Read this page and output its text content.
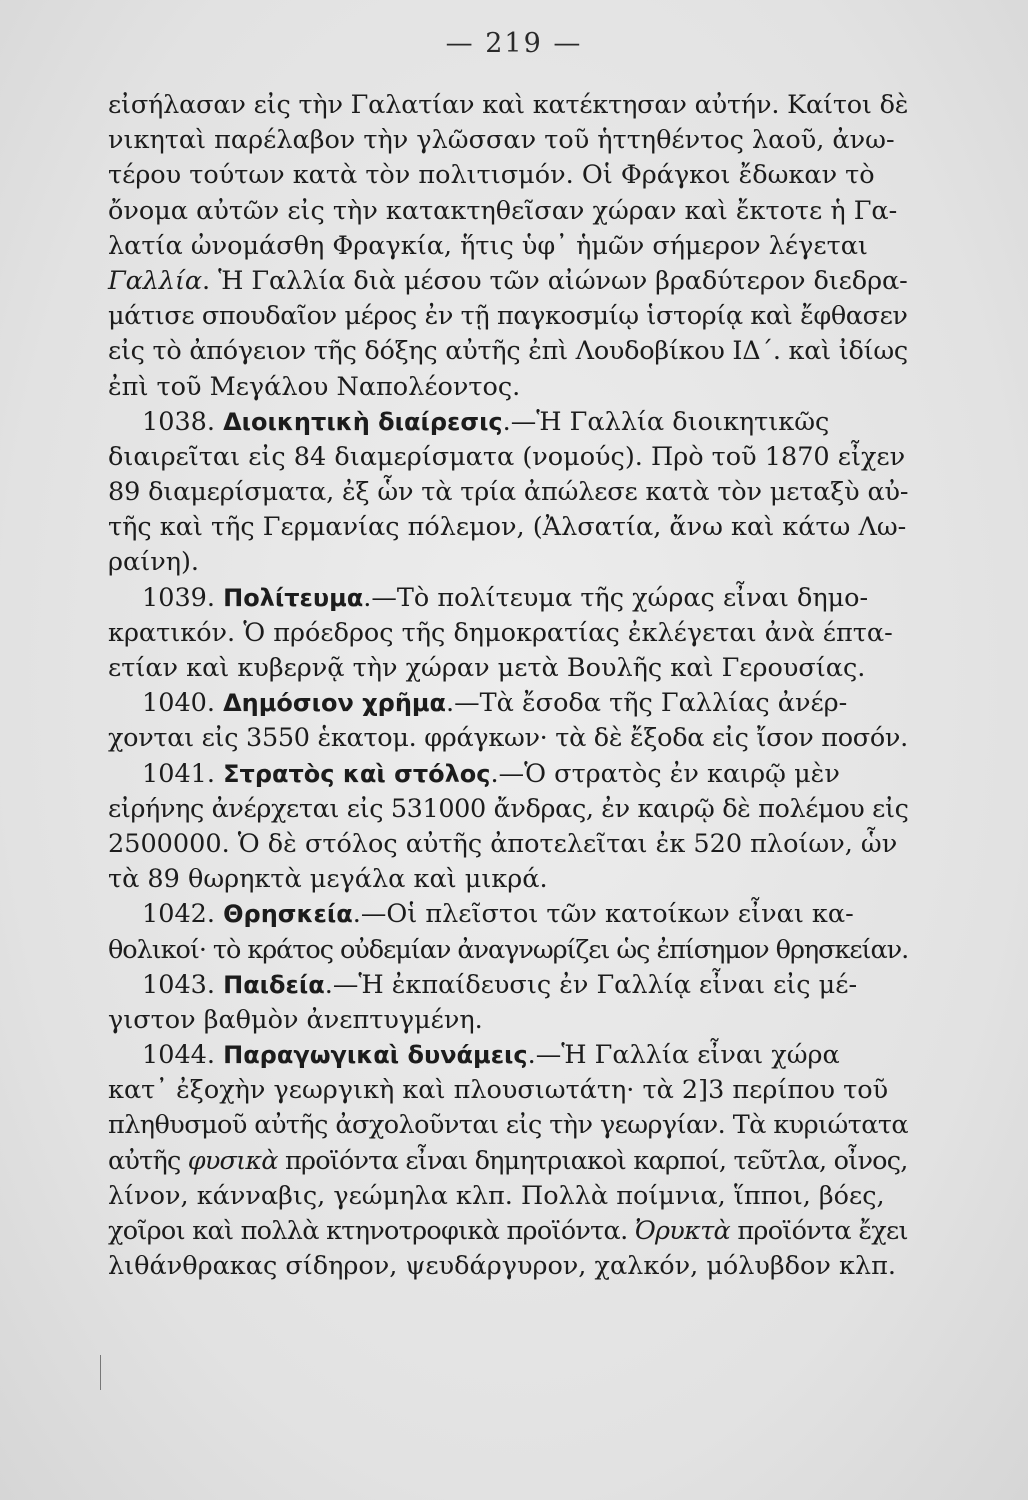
— 219 —
εἰσήλασαν εἰς τὴν Γαλατίαν καὶ κατέκτησαν αὐτήν. Καίτοι δὲ
νικηταὶ παρέλαβον τὴν γλῶσσαν τοῦ ἡττηθέντος λαοῦ, ἀνω-
τέρου τούτων κατὰ τὸν πολιτισμόν. Οἱ Φράγκοι ἔδωκαν τὸ
ὄνομα αὐτῶν εἰς τὴν κατακτηθεῖσαν χώραν καὶ ἔκτοτε ἡ Γα-
λατία ὠνομάσθη Φραγκία, ἥτις ὑφ᾽ ἡμῶν σήμερον λέγεται
Γαλλία. Ἡ Γαλλία διὰ μέσου τῶν αἰώνων βραδύτερον διεδρα-
μάτισε σπουδαῖον μέρος ἐν τῇ παγκοσμίῳ ἱστορίᾳ καὶ ἔφθασεν
εἰς τὸ ἀπόγειον τῆς δόξης αὐτῆς ἐπὶ Λουδοβίκου ΙΔ΄. καὶ ἰδίως
ἐπὶ τοῦ Μεγάλου Ναπολέοντος.
1038. Διοικητικὴ διαίρεσις.—Ἡ Γαλλία διοικητικῶς
διαιρεῖται εἰς 84 διαμερίσματα (νομούς). Πρὸ τοῦ 1870 εἶχεν
89 διαμερίσματα, ἐξ ὧν τὰ τρία ἀπώλεσε κατὰ τὸν μεταξὺ αὐ-
τῆς καὶ τῆς Γερμανίας πόλεμον, (Ἀλσατία, ἄνω καὶ κάτω Λω-
ραίνη).
1039. Πολίτευμα.—Τὸ πολίτευμα τῆς χώρας εἶναι δημο-
κρατικόν. Ὁ πρόεδρος τῆς δημοκρατίας ἐκλέγεται ἀνὰ έπτα-
ετίαν καὶ κυβερνᾷ τὴν χώραν μετὰ Βουλῆς καὶ Γερουσίας.
1040. Δημόσιον χρῆμα.—Τὰ ἔσοδα τῆς Γαλλίας ἀνέρ-
χονται εἰς 3550 ἑκατομ. φράγκων· τὰ δὲ ἔξοδα εἰς ἴσον ποσόν.
1041. Στρατὸς καὶ στόλος.—Ὁ στρατὸς ἐν καιρῷ μὲν
εἰρήνης ἀνέρχεται εἰς 531000 ἄνδρας, ἐν καιρῷ δὲ πολέμου εἰς
2500000. Ὁ δὲ στόλος αὐτῆς ἀποτελεῖται ἐκ 520 πλοίων, ὧν
τὰ 89 θωρηκτὰ μεγάλα καὶ μικρά.
1042. Θρησκεία.—Οἱ πλεῖστοι τῶν κατοίκων εἶναι κα-
θολικοί· τὸ κράτος οὐδεμίαν ἀναγνωρίζει ὡς ἐπίσημον θρησκείαν.
1043. Παιδεία.—Ἡ ἐκπαίδευσις ἐν Γαλλίᾳ εἶναι εἰς μέ-
γιστον βαθμὸν ἀνεπτυγμένη.
1044. Παραγωγικαὶ δυνάμεις.—Ἡ Γαλλία εἶναι χώρα
κατ᾽ ἐξοχὴν γεωργικὴ καὶ πλουσιωτάτη· τὰ 2]3 περίπου τοῦ
πληθυσμοῦ αὐτῆς ἀσχολοῦνται εἰς τὴν γεωργίαν. Τὰ κυριώτατα
αὐτῆς φυσικὰ προϊόντα εἶναι δημητριακοὶ καρποί, τεῦτλα, οἶνος,
λίνον, κάνναβις, γεώμηλα κλπ. Πολλὰ ποίμνια, ἵπποι, βόες,
χοῖροι καὶ πολλὰ κτηνοτροφικὰ προϊόντα. Ὀρυκτὰ προϊόντα ἔχει
λιθάνθρακας σίδηρον, ψευδάργυρον, χαλκόν, μόλυβδον κλπ.
